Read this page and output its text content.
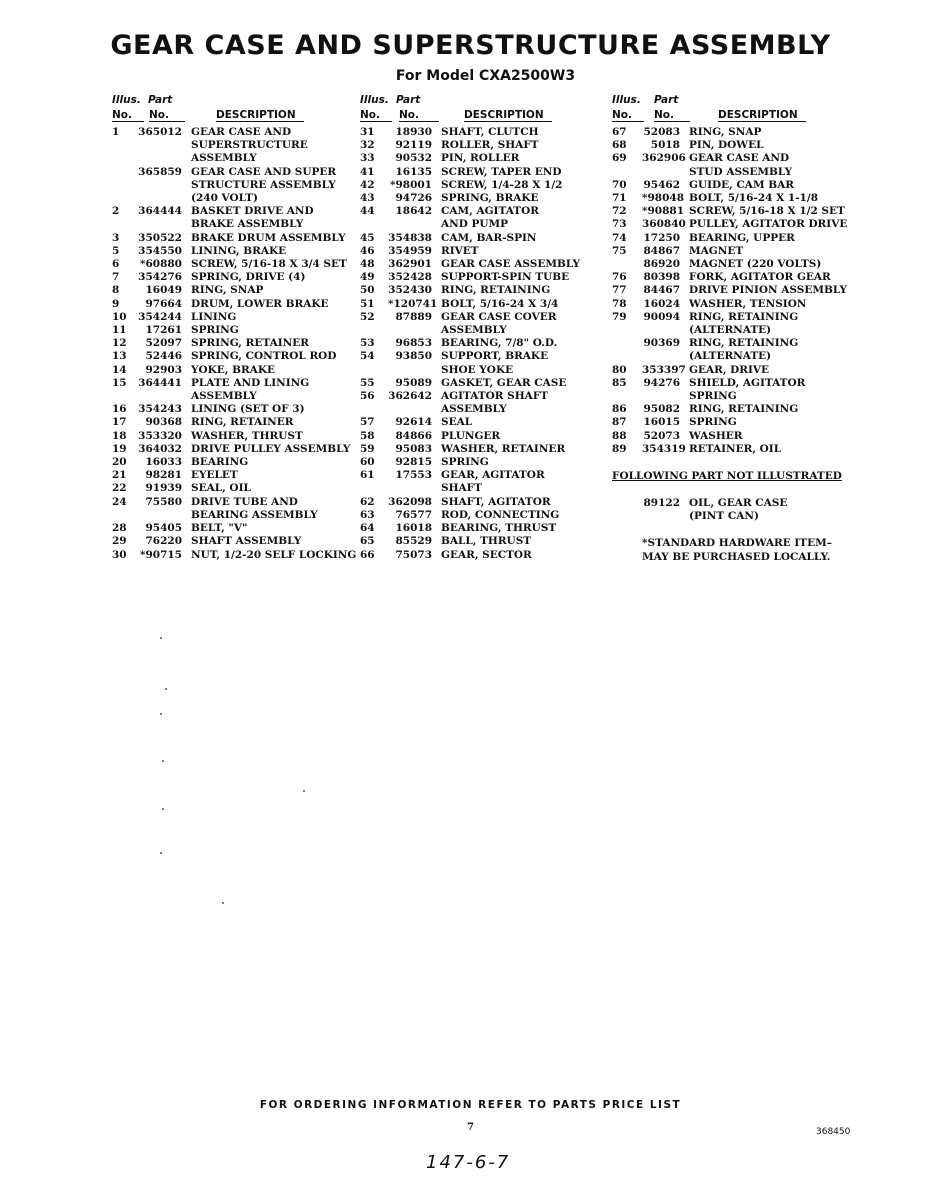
GEAR CASE AND SUPERSTRUCTURE ASSEMBLY
For Model CXA2500W3
Illus. Part
No.	No.	DESCRIPTION
1	365012 GEAR CASE AND
SUPERSTRUCTURE
ASSEMBLY
365859 GEAR CASE AND SUPER
STRUCTURE ASSEMBLY
(240 VOLT)
2	364444 BASKET DRIVE AND
BRAKE ASSEMBLY
3	350522 BRAKE DRUM ASSEMBLY
5	354550 LINING, BRAKE
6	*60880 SCREW, 5/16-18 X 3/4 SET
7	354276 SPRING, DRIVE (4)
8	16049 RING, SNAP
9	97664 DRUM, LOWER BRAKE
10	354244 LINING
11	17261 SPRING
12	52097 SPRING, RETAINER
13	52446 SPRING, CONTROL ROD
14	92903 YOKE, BRAKE
15	364441 PLATE AND LINING
ASSEMBLY
16	354243 LINING (SET OF 3)
17	90368 RING, RETAINER
18	353320 WASHER, THRUST
19	364032 DRIVE PULLEY ASSEMBLY
20	16033 BEARING
21	98281 EYELET
22	91939 SEAL, OIL
24	75580 DRIVE TUBE AND
BEARING ASSEMBLY
28	95405 BELT, "V"
29	76220 SHAFT ASSEMBLY
30	*90715 NUT, 1/2-20 SELF LOCKING
Illus. Part
No.	No.	DESCRIPTION
31	18930 SHAFT, CLUTCH
32	92119 ROLLER, SHAFT
33	90532 PIN, ROLLER
41	16135 SCREW, TAPER END
42	*98001 SCREW, 1/4-28 X 1/2
43	94726 SPRING, BRAKE
44	18642 CAM, AGITATOR
AND PUMP
45	354838 CAM, BAR-SPIN
46	354959 RIVET
48	362901 GEAR CASE ASSEMBLY
49	352428 SUPPORT-SPIN TUBE
50	352430 RING, RETAINING
51	*120741 BOLT, 5/16-24 X 3/4
52	87889 GEAR CASE COVER
ASSEMBLY
53	96853 BEARING, 7/8" O.D.
54	93850 SUPPORT, BRAKE
SHOE YOKE
55	95089 GASKET, GEAR CASE
56	362642 AGITATOR SHAFT
ASSEMBLY
57	92614 SEAL
58	84866 PLUNGER
59	95083 WASHER, RETAINER
60	92815 SPRING
61	17553 GEAR, AGITATOR
SHAFT
62	362098 SHAFT, AGITATOR
63	76577 ROD, CONNECTING
64	16018 BEARING, THRUST
65	85529 BALL, THRUST
66	75073 GEAR, SECTOR
Illus. Part
No.	No.	DESCRIPTION
67	52083 RING, SNAP
68	5018 PIN, DOWEL
69	362906 GEAR CASE AND
STUD ASSEMBLY
70	95462 GUIDE, CAM BAR
71	*98048 BOLT, 5/16-24 X 1-1/8
72	*90881 SCREW, 5/16-18 X 1/2 SET
73	360840 PULLEY, AGITATOR DRIVE
74	17250 BEARING, UPPER
75	84867 MAGNET
86920 MAGNET (220 VOLTS)
76	80398 FORK, AGITATOR GEAR
77	84467 DRIVE PINION ASSEMBLY
78	16024 WASHER, TENSION
79	90094 RING, RETAINING
(ALTERNATE)
90369 RING, RETAINING
(ALTERNATE)
80	353397 GEAR, DRIVE
85	94276 SHIELD, AGITATOR
SPRING
86	95082 RING, RETAINING
87	16015 SPRING
88	52073 WASHER
89	354319 RETAINER, OIL
FOLLOWING PART NOT ILLUSTRATED
89122 OIL, GEAR CASE
(PINT CAN)
*STANDARD HARDWARE ITEM–
MAY BE PURCHASED LOCALLY.
FOR ORDERING INFORMATION REFER TO PARTS PRICE LIST
7	368450
147-6-7
